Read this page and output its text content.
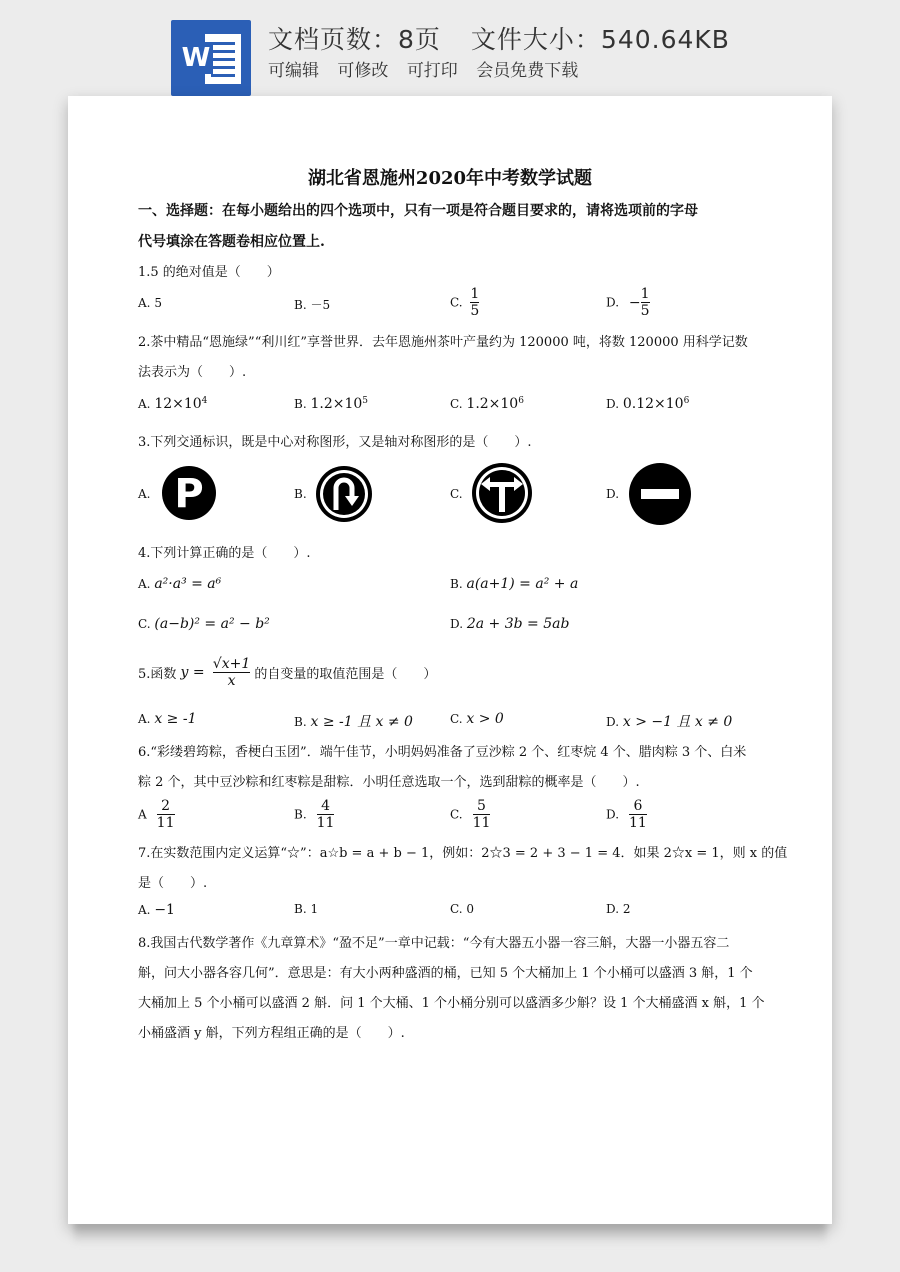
W
文档页数：8页 文件大小：540.64KB
可编辑 可修改 可打印 会员免费下载
湖北省恩施州2020年中考数学试题
一、选择题：在每小题给出的四个选项中，只有一项是符合题目要求的，请将选项前的字母
代号填涂在答题卷相应位置上.
1.5 的绝对值是（　　）
A. 5	B. －5	C. $\frac{1}{5}$	D. − $\frac{1}{5}$
2.茶中精品“恩施绿”“利川红”享誉世界．去年恩施州茶叶产量约为 120000 吨，将数 120000 用科学记数
法表示为（　　）.
A. $12\times 10^4$	B. $1.2\times 10^5$	C. $1.2\times 10^6$	D. $0.12\times 10^6$
3.下列交通标识，既是中心对称图形，又是轴对称图形的是（　　）.
A. P	B.	C.	D.
4.下列计算正确的是（　　）.
A. a²·a³ = a⁶	B. a(a+1) = a² + a
C. (a−b)² = a² − b²	D. 2a + 3b = 5ab
5.函数 $y = \frac{√x+1}{x}$ 的自变量的取值范围是（　　）
A. x ≥ -1	B. x ≥ -1 且 x ≠ 0	C. x > 0	D. x > −1 且 x ≠ 0
6.“彩缕碧筠粽，香梗白玉团”．端午佳节，小明妈妈准备了豆沙粽 2 个、红枣烷 4 个、腊肉粽 3 个、白米
粽 2 个，其中豆沙粽和红枣粽是甜粽．小明任意选取一个，选到甜粽的概率是（　　）.
A $\frac{2}{11}$	B. $\frac{4}{11}$	C. $\frac{5}{11}$	D. $\frac{6}{11}$
7.在实数范围内定义运算“☆”：a☆b = a + b − 1，例如：2☆3 = 2 + 3 − 1 = 4．如果 2☆x = 1，则 x 的值
是（　　）.
A. −1	B. 1	C. 0	D. 2
8.我国古代数学著作《九章算术》“盈不足”一章中记载：“今有大器五小器一容三斛，大器一小器五容二
斛，问大小器各容几何”．意思是：有大小两种盛酒的桶，已知 5 个大桶加上 1 个小桶可以盛酒 3 斛，1 个
大桶加上 5 个小桶可以盛酒 2 斛．问 1 个大桶、1 个小桶分别可以盛酒多少斛？设 1 个大桶盛酒 x 斛，1 个
小桶盛酒 y 斛，下列方程组正确的是（　　）.
